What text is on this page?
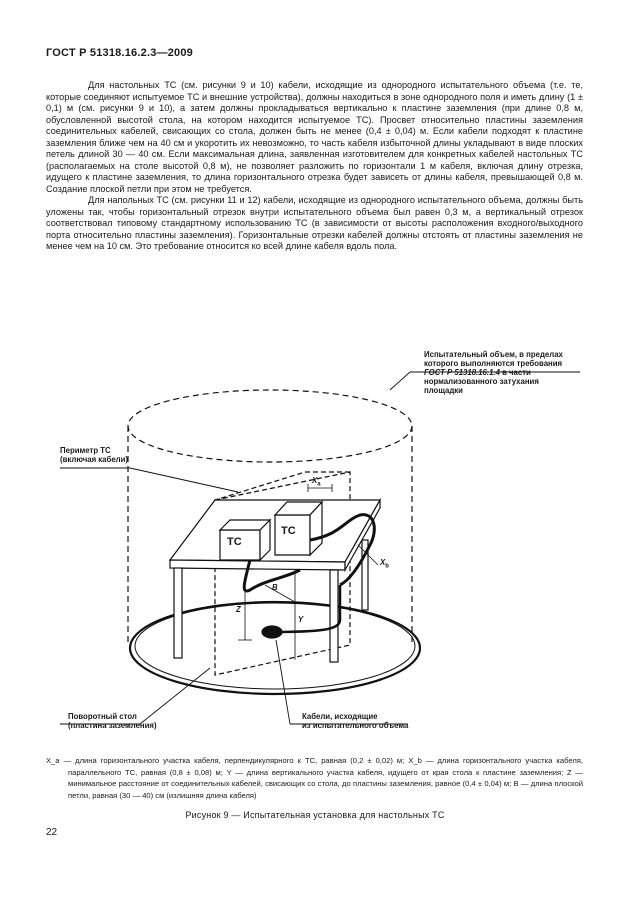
ГОСТ Р 51318.16.2.3—2009

Для настольных ТС (см. рисунки 9 и 10) кабели, исходящие из однородного испытательного объема (т.е. те, которые соединяют испытуемое ТС и внешние устройства), должны находиться в зоне однородного поля и иметь длину (1 ± 0,1) м (см. рисунки 9 и 10), а затем должны прокладываться вертикально к пластине заземления (при длине 0,8 м, обусловленной высотой стола, на котором находится испытуемое ТС). Просвет относительно пластины заземления соединительных кабелей, свисающих со стола, должен быть не менее (0,4 ± 0,04) м. Если кабели подходят к пластине заземления ближе чем на 40 см и укоротить их невозможно, то часть кабеля избыточной длины укладывают в виде плоских петель длиной 30 — 40 см. Если максимальная длина, заявленная изготовителем для конкретных кабелей настольных ТС (располагаемых на столе высотой 0,8 м), не позволяет разложить по горизонтали 1 м кабеля, включая длину отрезка, идущего к пластине заземления, то длина горизонтального отрезка будет зависеть от длины кабеля, превышающей 0,8 м. Создание плоской петли при этом не требуется.

Для напольных ТС (см. рисунки 11 и 12) кабели, исходящие из однородного испытательного объема, должны быть уложены так, чтобы горизонтальный отрезок внутри испытательного объема был равен 0,3 м, а вертикальный отрезок соответствовал типовому стандартному использованию ТС (в зависимости от высоты расположения входного/выходного порта относительно пластины заземления). Горизонтальные отрезки кабелей должны отстоять от пластины заземления не менее чем на 10 см. Это требование относится ко всей длине кабеля вдоль пола.

Испытательный объем, в пределах
которого выполняются требования
ГОСТ Р 51318.16.1.4 в части
нормализованного затухания
площадки
Периметр ТС
(включая кабели)
Поворотный стол
(пластина заземления)
Кабели, исходящие
из испытательного объема
ТС
ТС
$X_a$
$X_b$
Z
Y
B
X_a — длина горизонтального участка кабеля, перпендикулярного к ТС, равная (0,2 ± 0,02) м; X_b — длина горизонтального участка кабеля, параллельного ТС, равная (0,8 ± 0,08) м; Y — длина вертикального участка кабеля, идущего от края стола к пластине заземления; Z — минимальное расстояние от соединительных кабелей, свисающих со стола, до пластины заземления, равное (0,4 ± 0,04) м; B — длина плоской петли, равная (30 — 40) см (излишняя длина кабеля)
Рисунок 9 — Испытательная установка для настольных ТС
22
